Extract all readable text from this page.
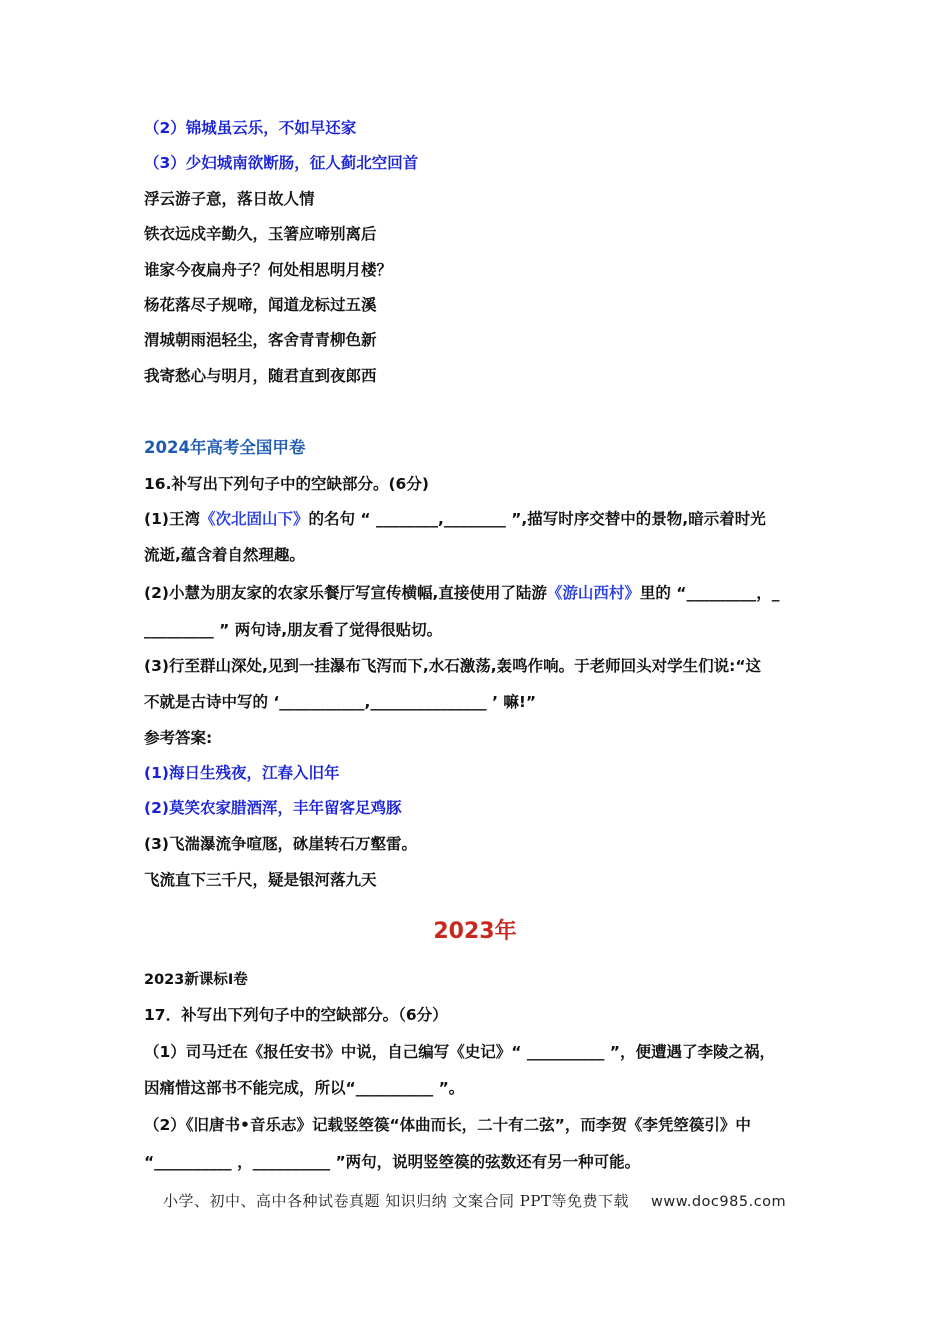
（2）锦城虽云乐，不如早还家
（3）少妇城南欲断肠，征人蓟北空回首
浮云游子意，落日故人情
铁衣远戍辛勤久，玉箸应啼别离后
谁家今夜扁舟子？何处相思明月楼？
杨花落尽子规啼，闻道龙标过五溪
渭城朝雨浥轻尘，客舍青青柳色新
我寄愁心与明月，随君直到夜郎西
2024年高考全国甲卷
16.补写出下列句子中的空缺部分。(6分)
(1)王湾《次北固山下》的名句 “ ________,________ ”,描写时序交替中的景物,暗示着时光
流逝,蕴含着自然理趣。
(2)小慧为朋友家的农家乐餐厅写宣传横幅,直接使用了陆游《游山西村》里的 “_________，_
_________ ” 两句诗,朋友看了觉得很贴切。
(3)行至群山深处,见到一挂瀑布飞泻而下,水石激荡,轰鸣作响。于老师回头对学生们说:“这
不就是古诗中写的 ‘___________,_______________ ’ 嘛!”
参考答案:
(1)海日生残夜，江春入旧年
(2)莫笑农家腊酒浑，丰年留客足鸡豚
(3)飞湍瀑流争喧豗，砯崖转石万壑雷。
飞流直下三千尺，疑是银河落九天
2023年
2023新课标Ⅰ卷
17．补写出下列句子中的空缺部分。（6分）
（1）司马迁在《报任安书》中说，自己编写《史记》“ __________ ”，便遭遇了李陵之祸，
因痛惜这部书不能完成，所以“__________ ”。
（2）《旧唐书•音乐志》记载竖箜篌“体曲而长，二十有二弦”，而李贺《李凭箜篌引》中
“__________ ，__________ ”两句，说明竖箜篌的弦数还有另一种可能。
小学、初中、高中各种试卷真题 知识归纳 文案合同 PPT等免费下载 www.doc985.com
